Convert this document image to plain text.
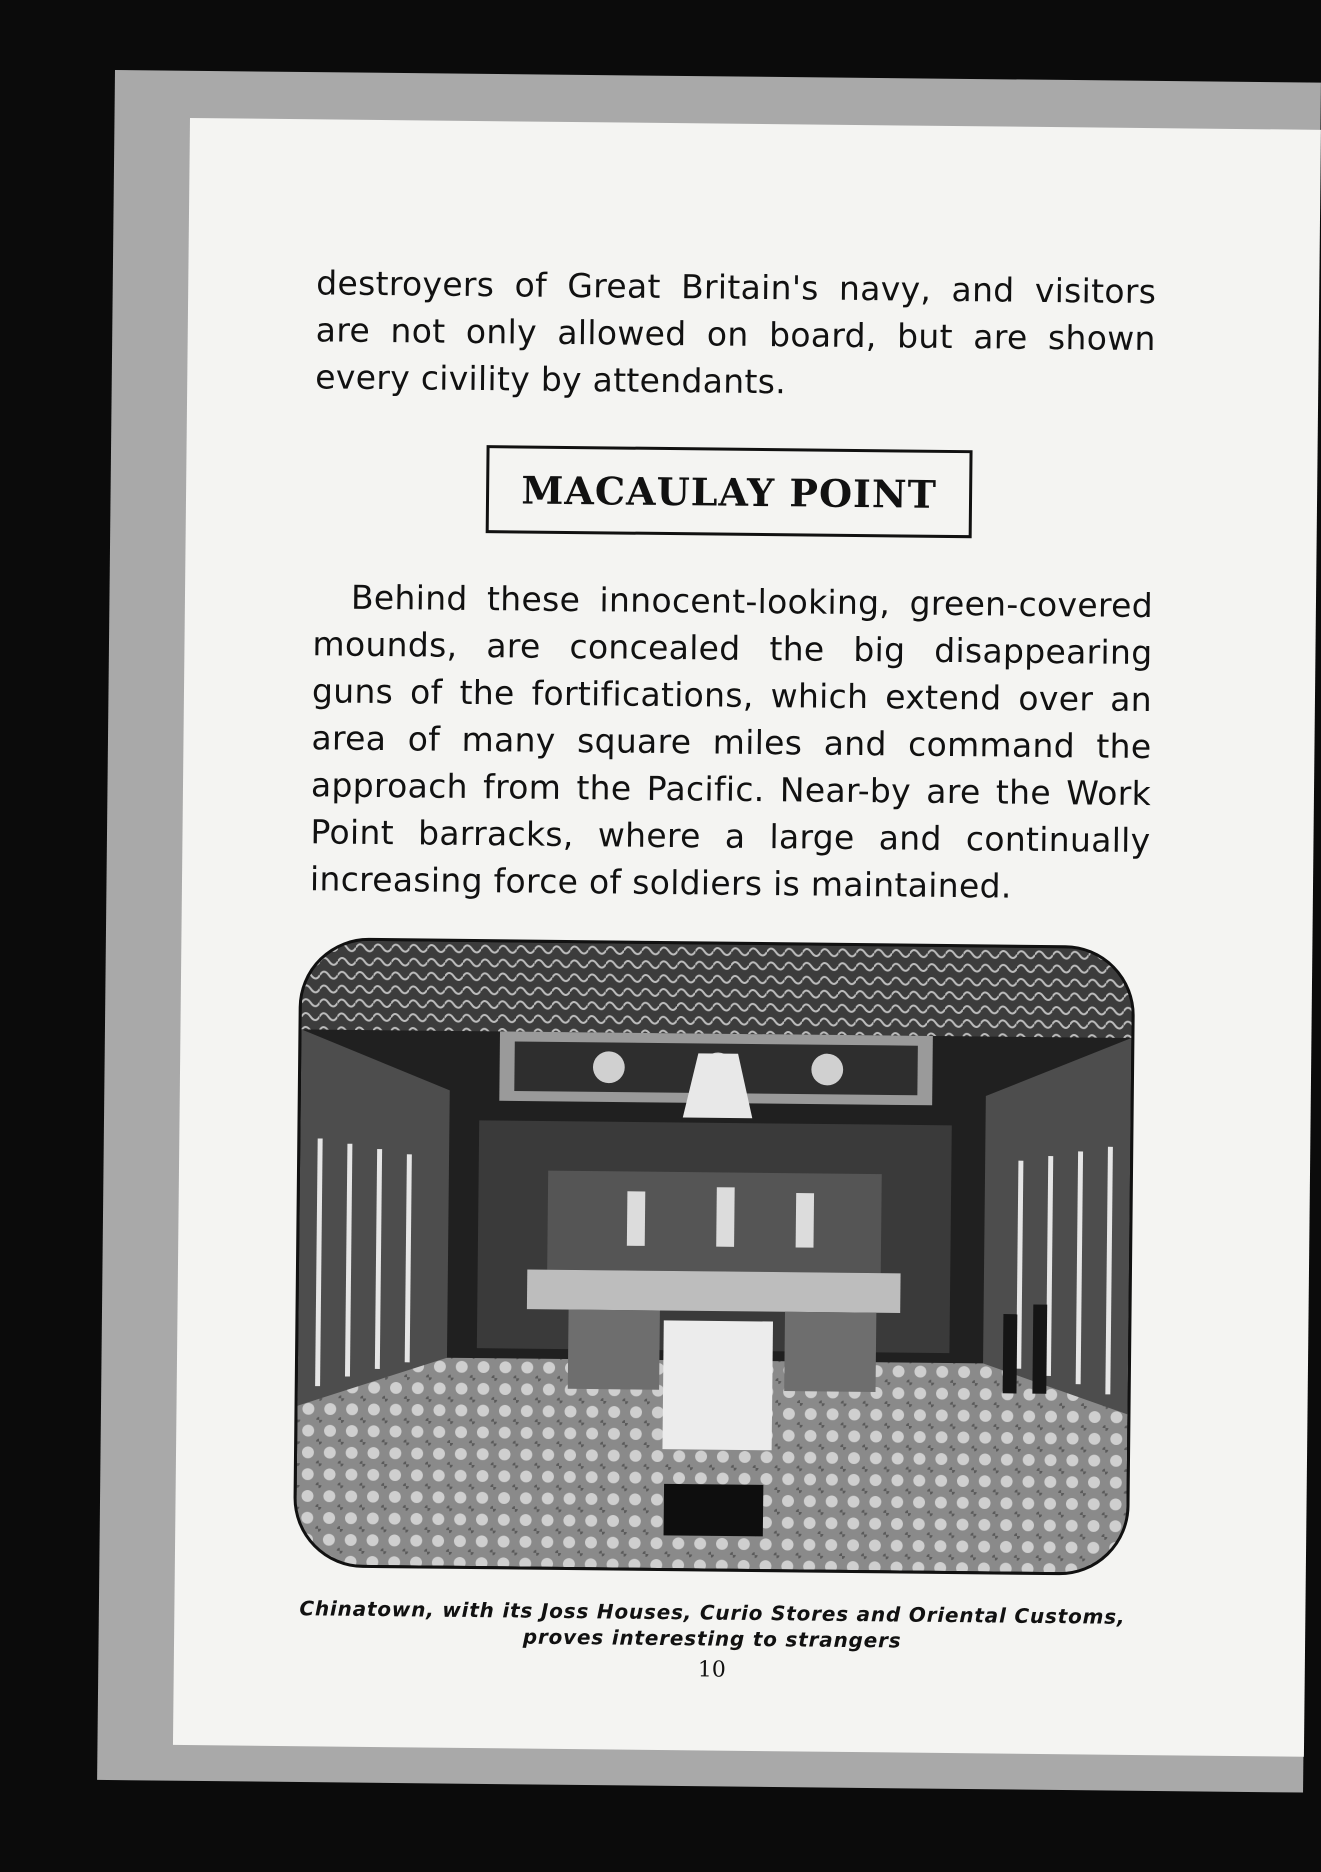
destroyers of Great Britain's navy, and visitors are not only allowed on board, but are shown every civility by attendants.

MACAULAY POINT

Behind these innocent-looking, green-covered mounds, are concealed the big disappearing guns of the fortifications, which extend over an area of many square miles and command the approach from the Pacific. Near-by are the Work Point barracks, where a large and continually increasing force of soldiers is maintained.

Chinatown, with its Joss Houses, Curio Stores and Oriental Customs,
proves interesting to strangers
10
